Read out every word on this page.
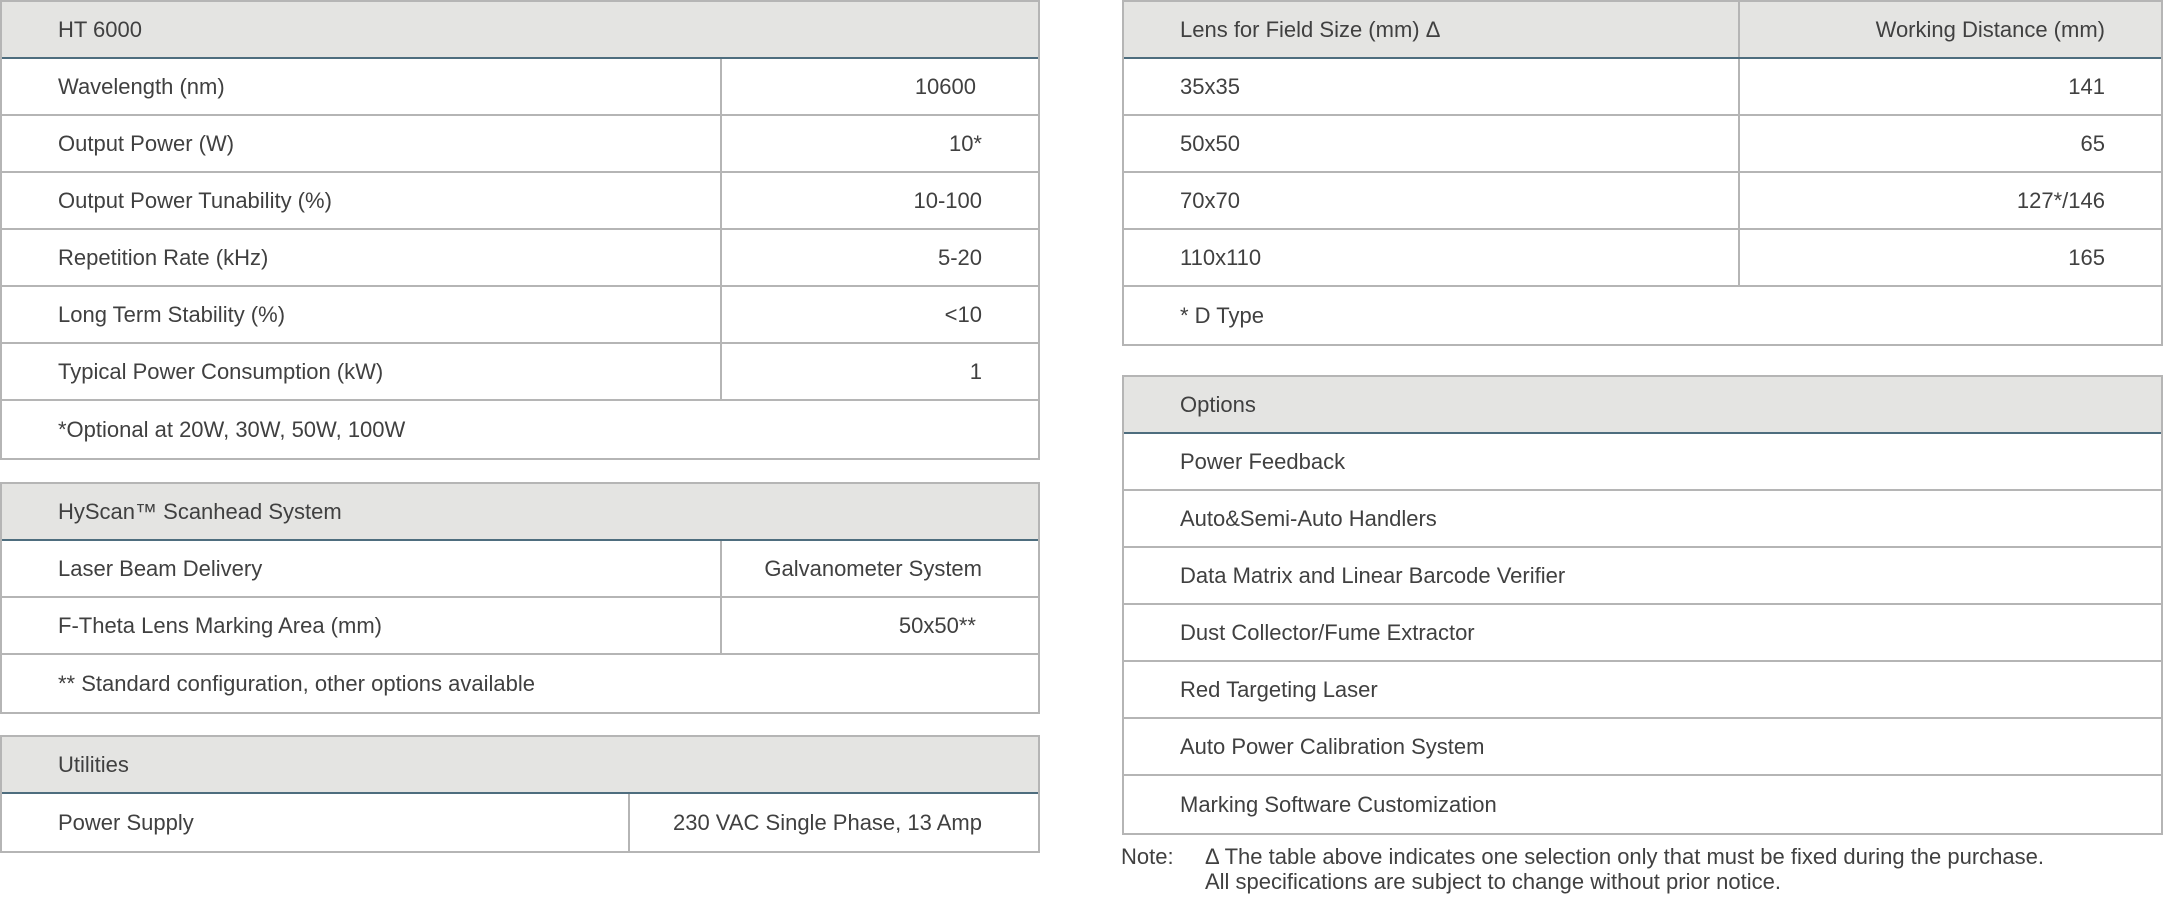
HT 6000
Wavelength (nm)	10600
Output Power (W)	10*
Output Power Tunability (%)	10-100
Repetition Rate (kHz)	5-20
Long Term Stability (%)	<10
Typical Power Consumption (kW)	1
*Optional at 20W, 30W, 50W, 100W
HyScan™ Scanhead System
Laser Beam Delivery	Galvanometer System
F-Theta Lens Marking Area (mm)	50x50**
** Standard configuration, other options available
Utilities
Power Supply	230 VAC Single Phase, 13 Amp
Lens for Field Size (mm) Δ	Working Distance (mm)
35x35	141
50x50	65
70x70	127*/146
110x110	165
* D Type
Options
Power Feedback
Auto&Semi-Auto Handlers
Data Matrix and Linear Barcode Verifier
Dust Collector/Fume Extractor
Red Targeting Laser
Auto Power Calibration System
Marking Software Customization
Note: Δ The table above indicates one selection only that must be fixed during the purchase.
All specifications are subject to change without prior notice.
